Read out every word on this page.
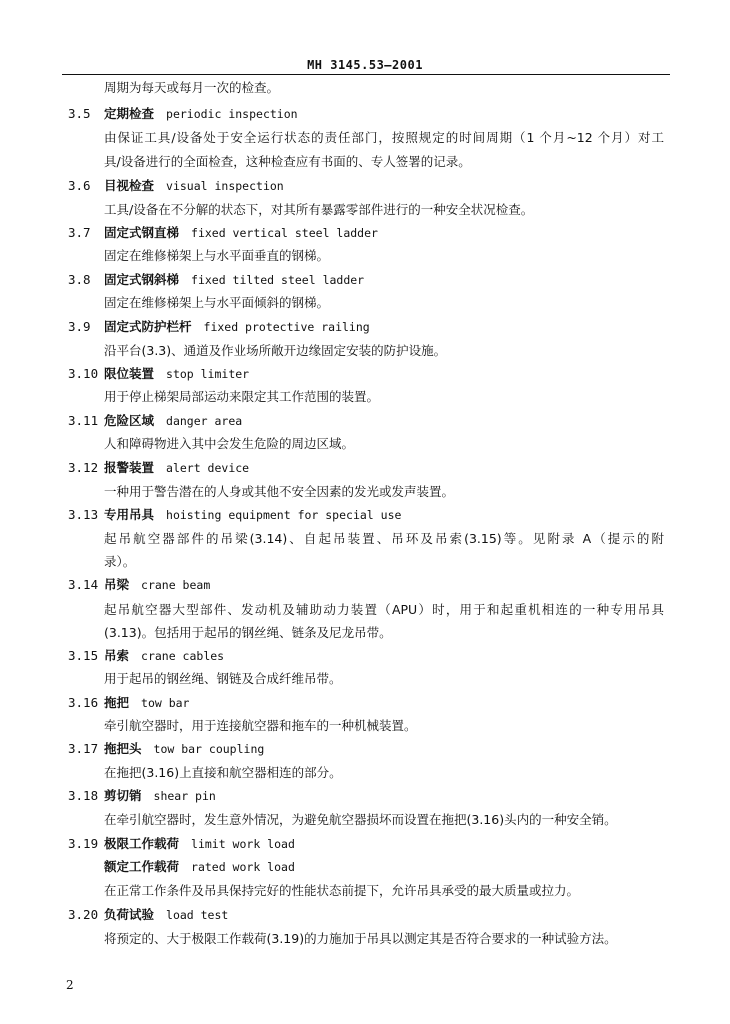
MH 3145.53—2001
周期为每天或每月一次的检查。
3.5 定期检查 periodic inspection
由保证工具/设备处于安全运行状态的责任部门，按照规定的时间周期（1 个月~12 个月）对工
具/设备进行的全面检查，这种检查应有书面的、专人签署的记录。
3.6 目视检查 visual inspection
工具/设备在不分解的状态下，对其所有暴露零部件进行的一种安全状况检查。
3.7 固定式钢直梯 fixed vertical steel ladder
固定在维修梯架上与水平面垂直的钢梯。
3.8 固定式钢斜梯 fixed tilted steel ladder
固定在维修梯架上与水平面倾斜的钢梯。
3.9 固定式防护栏杆 fixed protective railing
沿平台(3.3)、通道及作业场所敞开边缘固定安装的防护设施。
3.10 限位装置 stop limiter
用于停止梯架局部运动来限定其工作范围的装置。
3.11 危险区域 danger area
人和障碍物进入其中会发生危险的周边区域。
3.12 报警装置 alert device
一种用于警告潜在的人身或其他不安全因素的发光或发声装置。
3.13 专用吊具 hoisting equipment for special use
起吊航空器部件的吊梁(3.14)、自起吊装置、吊环及吊索(3.15)等。见附录 A（提示的附
录）。
3.14 吊梁 crane beam
起吊航空器大型部件、发动机及辅助动力装置（APU）时，用于和起重机相连的一种专用吊具
(3.13)。包括用于起吊的钢丝绳、链条及尼龙吊带。
3.15 吊索 crane cables
用于起吊的钢丝绳、钢链及合成纤维吊带。
3.16 拖把 tow bar
牵引航空器时，用于连接航空器和拖车的一种机械装置。
3.17 拖把头 tow bar coupling
在拖把(3.16)上直接和航空器相连的部分。
3.18 剪切销 shear pin
在牵引航空器时，发生意外情况，为避免航空器损坏而设置在拖把(3.16)头内的一种安全销。
3.19 极限工作载荷 limit work load
额定工作载荷 rated work load
在正常工作条件及吊具保持完好的性能状态前提下，允许吊具承受的最大质量或拉力。
3.20 负荷试验 load test
将预定的、大于极限工作载荷(3.19)的力施加于吊具以测定其是否符合要求的一种试验方法。
2
